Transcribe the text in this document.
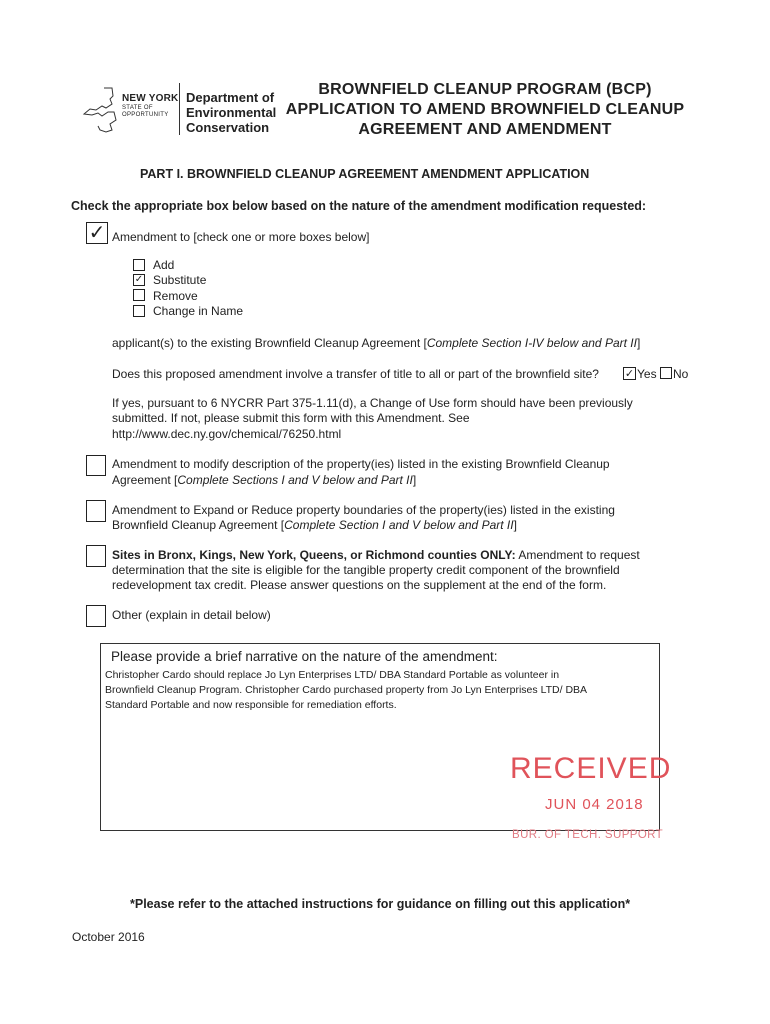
NEW YORK
STATE OF
OPPORTUNITY
Department of
Environmental
Conservation
BROWNFIELD CLEANUP PROGRAM (BCP)
APPLICATION TO AMEND BROWNFIELD CLEANUP
AGREEMENT AND AMENDMENT
PART I. BROWNFIELD CLEANUP AGREEMENT AMENDMENT APPLICATION
Check the appropriate box below based on the nature of the amendment modification requested:
✓ Amendment to [check one or more boxes below]
Add
✓ Substitute
Remove
Change in Name
applicant(s) to the existing Brownfield Cleanup Agreement [Complete Section I-IV below and Part II]
Does this proposed amendment involve a transfer of title to all or part of the brownfield site? ✓ Yes No
If yes, pursuant to 6 NYCRR Part 375-1.11(d), a Change of Use form should have been previously
submitted. If not, please submit this form with this Amendment. See
http://www.dec.ny.gov/chemical/76250.html
Amendment to modify description of the property(ies) listed in the existing Brownfield Cleanup
Agreement [Complete Sections I and V below and Part II]
Amendment to Expand or Reduce property boundaries of the property(ies) listed in the existing
Brownfield Cleanup Agreement [Complete Section I and V below and Part II]
Sites in Bronx, Kings, New York, Queens, or Richmond counties ONLY: Amendment to request
determination that the site is eligible for the tangible property credit component of the brownfield
redevelopment tax credit. Please answer questions on the supplement at the end of the form.
Other (explain in detail below)
Please provide a brief narrative on the nature of the amendment:
Christopher Cardo should replace Jo Lyn Enterprises LTD/ DBA Standard Portable as volunteer in
Brownfield Cleanup Program. Christopher Cardo purchased property from Jo Lyn Enterprises LTD/ DBA
Standard Portable and now responsible for remediation efforts.
RECEIVED
JUN 04 2018
BUR. OF TECH. SUPPORT
*Please refer to the attached instructions for guidance on filling out this application*
October 2016
